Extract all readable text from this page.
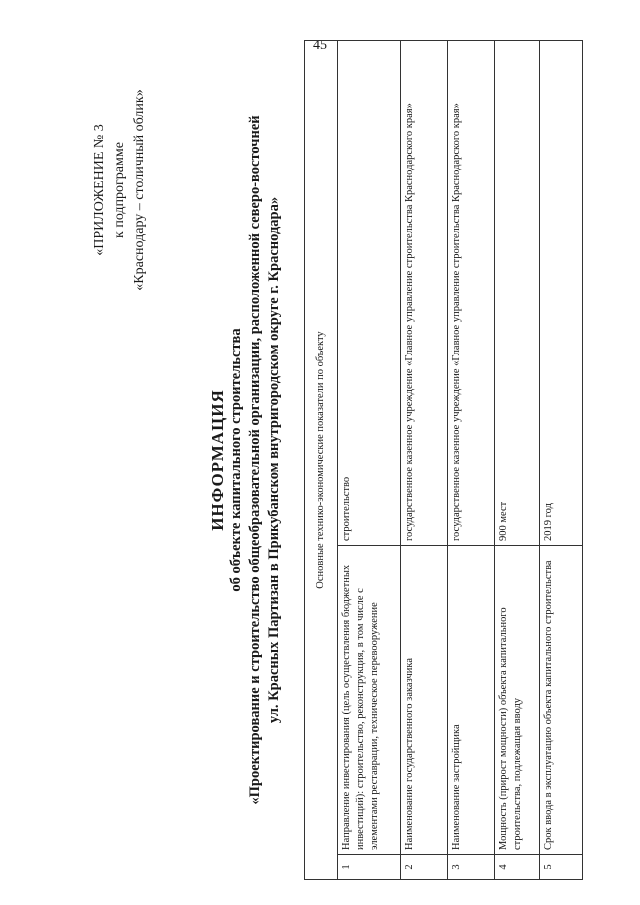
45
«ПРИЛОЖЕНИЕ № 3 к подпрограмме «Краснодару – столичный облик»
ИНФОРМАЦИЯ об объекте капитального строительства «Проектирование и строительство общеобразовательной организации, расположенной северо-восточней ул. Красных Партизан в Прикубанском внутригородском округе г. Краснодара»	Основные технико-экономические показатели по объекту		
1	Направление инвестирования (цель осуществления бюджетных инвестиций): строительство, реконструкция, в том числе с элементами реставрации, техническое перевооружение	строительство
2	Наименование государственного заказчика	государственное казенное учреждение «Главное управление строительства Краснодарского края»
3	Наименование застройщика	государственное казенное учреждение «Главное управление строительства Краснодарского края»
4	Мощность (прирост мощности) объекта капитального строительства, подлежащая вводу	900 мест
5	Срок ввода в эксплуатацию объекта капитального строительства	2019 год
